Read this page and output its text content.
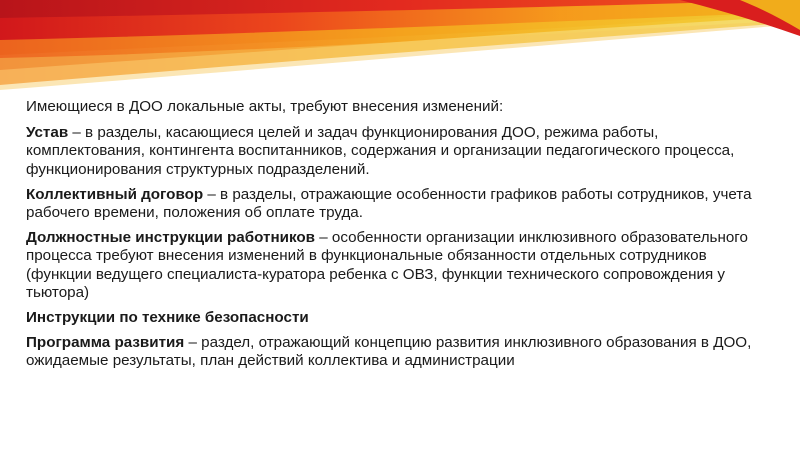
Имеющиеся в ДОО локальные акты, требуют внесения изменений:

Устав – в разделы, касающиеся целей и задач функционирования ДОО, режима работы, комплектования, контингента воспитанников, содержания и организации педагогического процесса, функционирования структурных подразделений.

Коллективный договор – в разделы, отражающие особенности графиков работы сотрудников, учета рабочего времени, положения об оплате труда.

Должностные инструкции работников – особенности организации инклюзивного образовательного процесса требуют внесения изменений в функциональные обязанности отдельных сотрудников (функции ведущего специалиста-куратора ребенка с ОВЗ, функции технического сопровождения у тьютора)

Инструкции по технике безопасности

Программа развития – раздел, отражающий концепцию развития инклюзивного образования в ДОО, ожидаемые результаты, план действий коллектива и администрации
